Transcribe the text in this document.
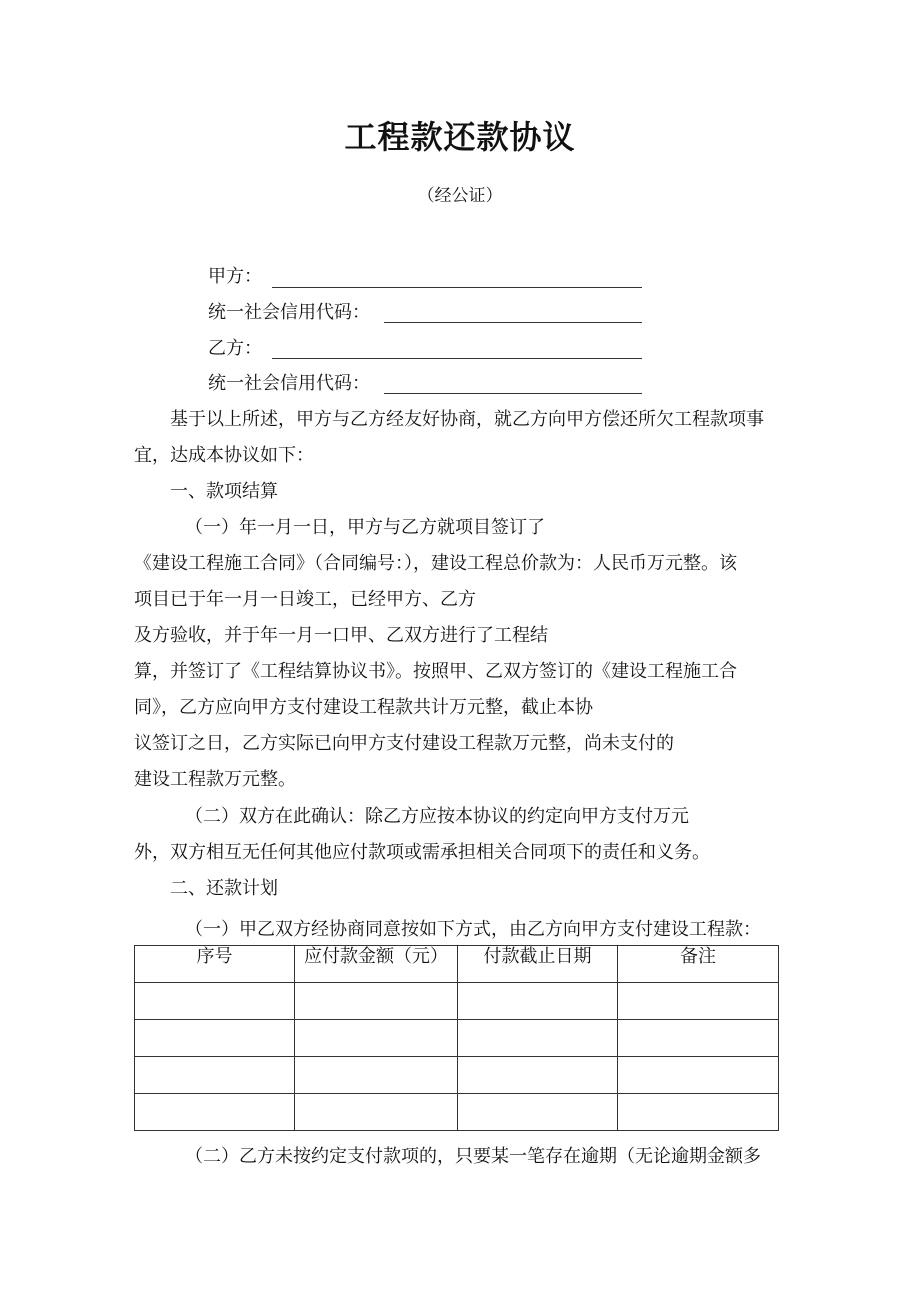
工程款还款协议
（经公证）
甲方：
统一社会信用代码：
乙方：
统一社会信用代码：
基于以上所述，甲方与乙方经友好协商，就乙方向甲方偿还所欠工程款项事
宜，达成本协议如下：
一、款项结算
（一）年一月一日，甲方与乙方就项目签订了
《建设工程施工合同》（合同编号：），建设工程总价款为：人民币万元整。该
项目已于年一月一日竣工，已经甲方、乙方
及方验收，并于年一月一口甲、乙双方进行了工程结
算，并签订了《工程结算协议书》。按照甲、乙双方签订的《建设工程施工合
同》，乙方应向甲方支付建设工程款共计万元整，截止本协
议签订之日，乙方实际已向甲方支付建设工程款万元整，尚未支付的
建设工程款万元整。
（二）双方在此确认：除乙方应按本协议的约定向甲方支付万元
外，双方相互无任何其他应付款项或需承担相关合同项下的责任和义务。
二、还款计划
（一）甲乙双方经协商同意按如下方式，由乙方向甲方支付建设工程款：
序号	应付款金额（元）	付款截止日期	备注

（二）乙方未按约定支付款项的，只要某一笔存在逾期（无论逾期金额多
